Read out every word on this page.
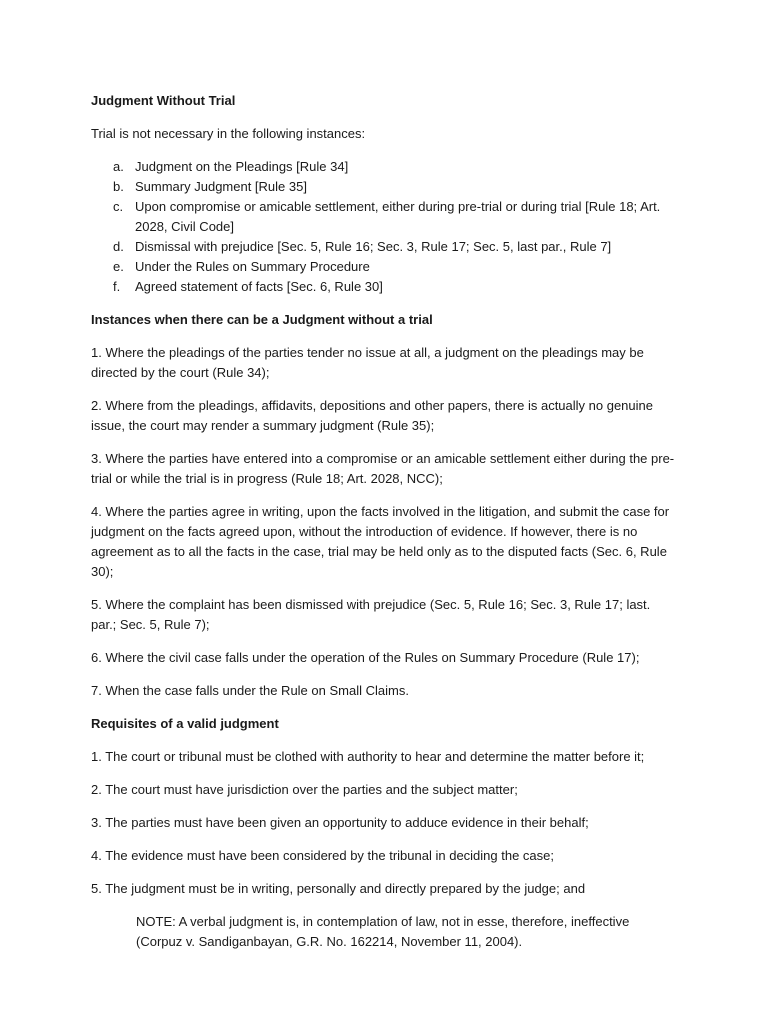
Judgment Without Trial
Trial is not necessary in the following instances:
a. Judgment on the Pleadings [Rule 34]
b. Summary Judgment [Rule 35]
c. Upon compromise or amicable settlement, either during pre-trial or during trial [Rule 18; Art. 2028, Civil Code]
d. Dismissal with prejudice [Sec. 5, Rule 16; Sec. 3, Rule 17; Sec. 5, last par., Rule 7]
e. Under the Rules on Summary Procedure
f. Agreed statement of facts [Sec. 6, Rule 30]
Instances when there can be a Judgment without a trial
1. Where the pleadings of the parties tender no issue at all, a judgment on the pleadings may be directed by the court (Rule 34);
2. Where from the pleadings, affidavits, depositions and other papers, there is actually no genuine issue, the court may render a summary judgment (Rule 35);
3. Where the parties have entered into a compromise or an amicable settlement either during the pre-trial or while the trial is in progress (Rule 18; Art. 2028, NCC);
4. Where the parties agree in writing, upon the facts involved in the litigation, and submit the case for judgment on the facts agreed upon, without the introduction of evidence. If however, there is no agreement as to all the facts in the case, trial may be held only as to the disputed facts (Sec. 6, Rule 30);
5. Where the complaint has been dismissed with prejudice (Sec. 5, Rule 16; Sec. 3, Rule 17; last. par.; Sec. 5, Rule 7);
6. Where the civil case falls under the operation of the Rules on Summary Procedure (Rule 17);
7. When the case falls under the Rule on Small Claims.
Requisites of a valid judgment
1. The court or tribunal must be clothed with authority to hear and determine the matter before it;
2. The court must have jurisdiction over the parties and the subject matter;
3. The parties must have been given an opportunity to adduce evidence in their behalf;
4. The evidence must have been considered by the tribunal in deciding the case;
5. The judgment must be in writing, personally and directly prepared by the judge; and
NOTE: A verbal judgment is, in contemplation of law, not in esse, therefore, ineffective (Corpuz v. Sandiganbayan, G.R. No. 162214, November 11, 2004).
